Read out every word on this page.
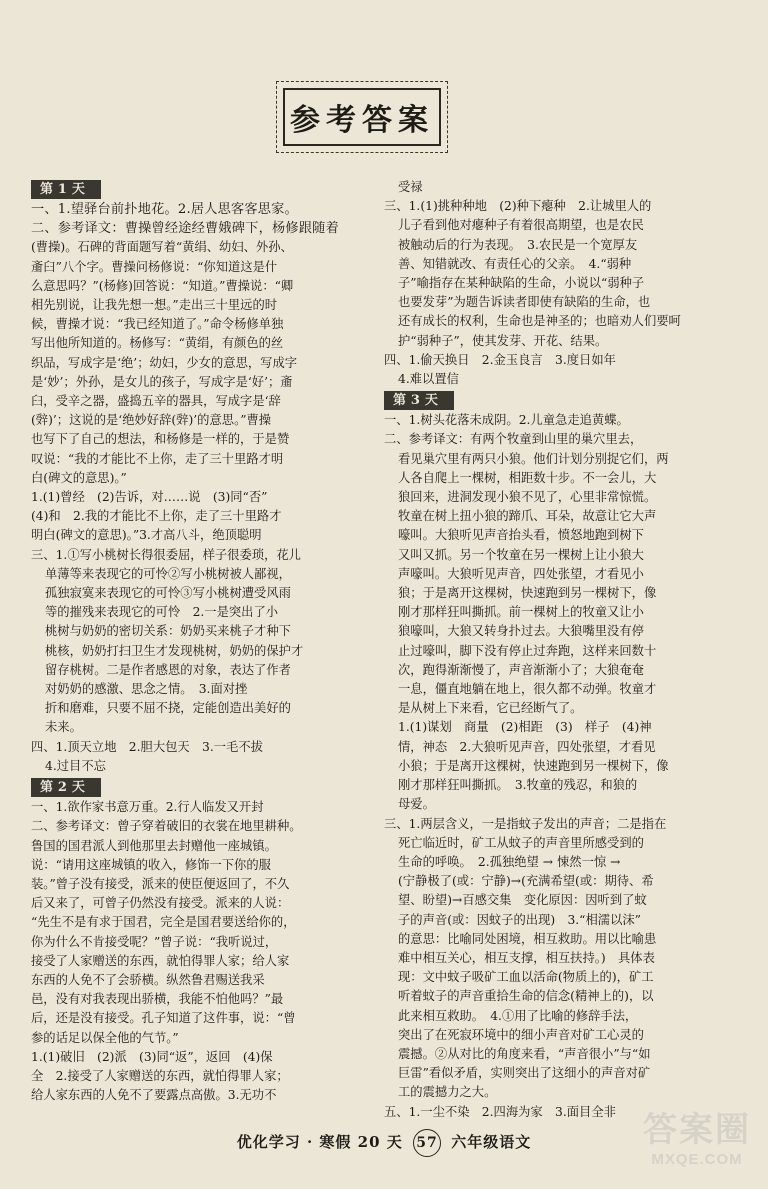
参考答案
第 1 天

一、1.望驿台前扑地花。2.居人思客客思家。

二、参考译文：曹操曾经途经曹娥碑下，杨修跟随着

(曹操)。石碑的背面题写着“黄绢、幼妇、外孙、

齑臼”八个字。曹操问杨修说：“你知道这是什

么意思吗？”(杨修)回答说：“知道。”曹操说：“卿

相先别说，让我先想一想。”走出三十里远的时

候，曹操才说：“我已经知道了。”命令杨修单独

写出他所知道的。杨修写：“黄绢，有颜色的丝

织品，写成字是‘绝’；幼妇，少女的意思，写成字

是‘妙’；外孙，是女儿的孩子，写成字是‘好’；齑

臼，受辛之器，盛捣五辛的器具，写成字是‘辞

(辤)’；这说的是‘绝妙好辞(辤)’的意思。”曹操

也写下了自己的想法，和杨修是一样的，于是赞

叹说：“我的才能比不上你，走了三十里路才明

白(碑文的意思)。”

1.(1)曾经　(2)告诉，对……说　(3)同“否”

(4)和　2.我的才能比不上你，走了三十里路才

明白(碑文的意思)。”3.才高八斗，绝顶聪明

三、1.①写小桃树长得很委屈，样子很委琐，花儿

单薄等来表现它的可怜②写小桃树被人鄙视，

孤独寂寞来表现它的可怜③写小桃树遭受风雨

等的摧残来表现它的可怜　2.一是突出了小

桃树与奶奶的密切关系：奶奶买来桃子才种下

桃核，奶奶打扫卫生才发现桃树，奶奶的保护才

留存桃树。二是作者感恩的对象，表达了作者

对奶奶的感激、思念之情。　3.面对挫

折和磨难，只要不屈不挠，定能创造出美好的

未来。

四、1.顶天立地　2.胆大包天　3.一毛不拔

4.过目不忘

第 2 天

一、1.欲作家书意万重。2.行人临发又开封

二、参考译文：曾子穿着破旧的衣裳在地里耕种。

鲁国的国君派人到他那里去封赠他一座城镇。

说：“请用这座城镇的收入，修饰一下你的服

装。”曾子没有接受，派来的使臣便返回了，不久

后又来了，可曾子仍然没有接受。派来的人说：

“先生不是有求于国君，完全是国君要送给你的，

你为什么不肯接受呢？”曾子说：“我听说过，

接受了人家赠送的东西，就怕得罪人家；给人家

东西的人免不了会骄横。纵然鲁君赐送我采

邑，没有对我表现出骄横，我能不怕他吗？”最

后，还是没有接受。孔子知道了这件事，说：“曾

参的话足以保全他的气节。”

1.(1)破旧　(2)派　(3)同“返”，返回　(4)保

全　2.接受了人家赠送的东西，就怕得罪人家；

给人家东西的人免不了要露点高傲。3.无功不

受禄

三、1.(1)挑种种地　(2)种下瘪种　2.让城里人的

儿子看到他对瘪种子有着很高期望，也是农民

被触动后的行为表现。　3.农民是一个宽厚友

善、知错就改、有责任心的父亲。　4.“弱种

子”喻指存在某种缺陷的生命，小说以“弱种子

也要发芽”为题告诉读者即使有缺陷的生命，也

还有成长的权利，生命也是神圣的；也暗劝人们要呵

护“弱种子”，使其发芽、开花、结果。

四、1.偷天换日　2.金玉良言　3.度日如年

4.难以置信

第 3 天

一、1.树头花落未成阴。2.儿童急走追黄蝶。

二、参考译文：有两个牧童到山里的巢穴里去，

看见巢穴里有两只小狼。他们计划分别捉它们，两

人各自爬上一棵树，相距数十步。不一会儿，大

狼回来，进洞发现小狼不见了，心里非常惊慌。

牧童在树上扭小狼的蹄爪、耳朵，故意让它大声

嚎叫。大狼听见声音抬头看，愤怒地跑到树下

又叫又抓。另一个牧童在另一棵树上让小狼大

声嚎叫。大狼听见声音，四处张望，才看见小

狼；于是离开这棵树，快速跑到另一棵树下，像

刚才那样狂叫撕抓。前一棵树上的牧童又让小

狼嚎叫，大狼又转身扑过去。大狼嘴里没有停

止过嚎叫，脚下没有停止过奔跑，这样来回数十

次，跑得渐渐慢了，声音渐渐小了；大狼奄奄

一息，僵直地躺在地上，很久都不动弹。牧童才

是从树上下来看，它已经断气了。

1.(1)谋划　商量　(2)相距　(3)　样子　(4)神

情，神态　2.大狼听见声音，四处张望，才看见

小狼；于是离开这棵树，快速跑到另一棵树下，像

刚才那样狂叫撕抓。　3.牧童的残忍，和狼的

母爱。

三、1.两层含义，一是指蚊子发出的声音；二是指在

死亡临近时，矿工从蚊子的声音里所感受到的

生命的呼唤。　2.孤独绝望 → 悚然一惊 →

(宁静极了(或：宁静)→(充满希望(或：期待、希

望、盼望)→百感交集　变化原因：因听到了蚊

子的声音(或：因蚊子的出现)　3.“相濡以沫”

的意思：比喻同处困境，相互救助。用以比喻患

难中相互关心，相互支撑，相互扶持。)　具体表

现：文中蚊子吸矿工血以活命(物质上的)，矿工

听着蚊子的声音重拾生命的信念(精神上的)，以

此来相互救助。　4.①用了比喻的修辞手法，

突出了在死寂环境中的细小声音对矿工心灵的

震撼。②从对比的角度来看，“声音很小”与“如

巨雷”看似矛盾，实则突出了这细小的声音对矿

工的震撼力之大。

五、1.一尘不染　2.四海为家　3.面目全非

优化学习 · 寒假 20 天 57 六年级语文	答案圈
MXQE.COM
